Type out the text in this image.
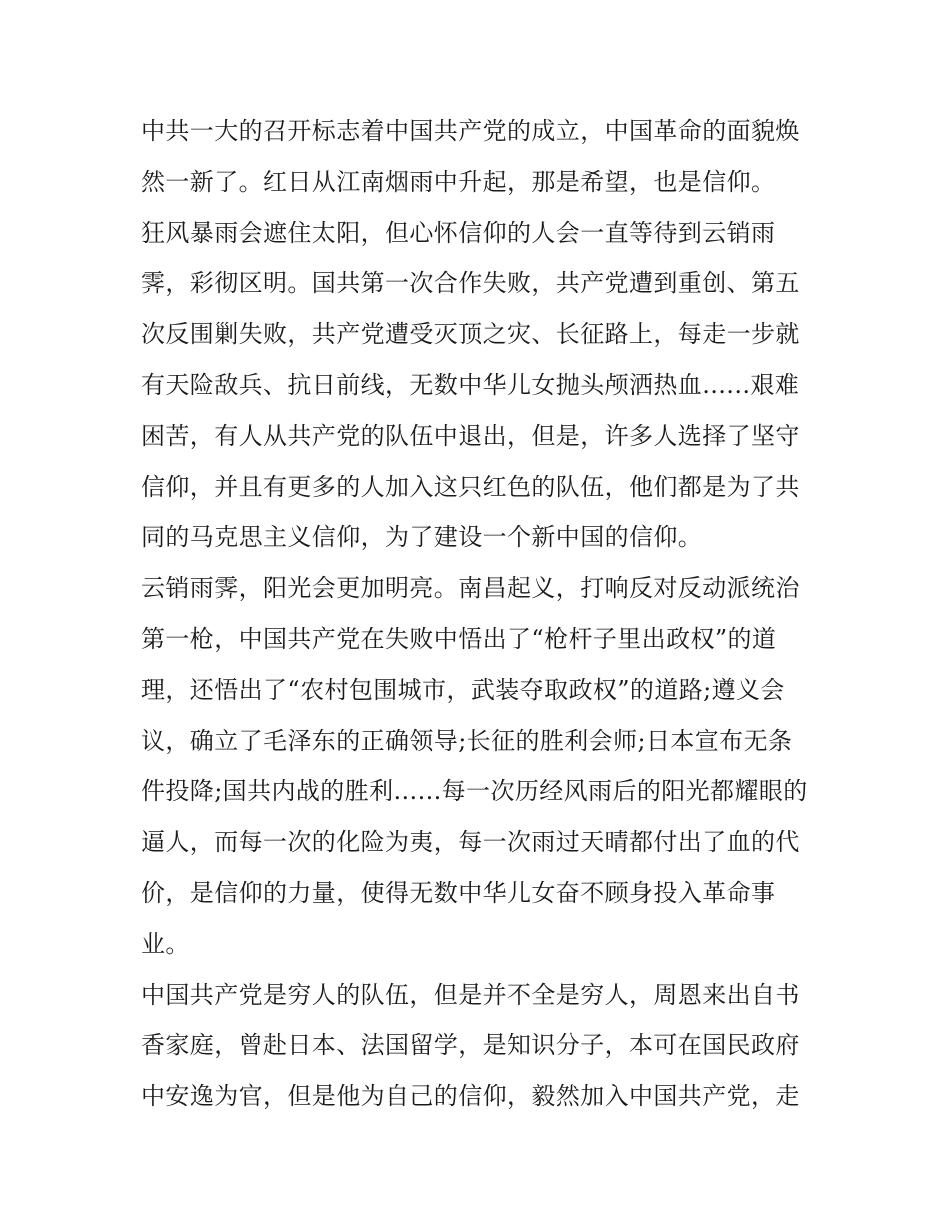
中共一大的召开标志着中国共产党的成立，中国革命的面貌焕
然一新了。红日从江南烟雨中升起，那是希望，也是信仰。
狂风暴雨会遮住太阳，但心怀信仰的人会一直等待到云销雨
霁，彩彻区明。国共第一次合作失败，共产党遭到重创、第五
次反围剿失败，共产党遭受灭顶之灾、长征路上，每走一步就
有天险敌兵、抗日前线，无数中华儿女抛头颅洒热血......艰难
困苦，有人从共产党的队伍中退出，但是，许多人选择了坚守
信仰，并且有更多的人加入这只红色的队伍，他们都是为了共
同的马克思主义信仰，为了建设一个新中国的信仰。
云销雨霁，阳光会更加明亮。南昌起义，打响反对反动派统治
第一枪，中国共产党在失败中悟出了“枪杆子里出政权”的道
理，还悟出了“农村包围城市，武装夺取政权”的道路;遵义会
议，确立了毛泽东的正确领导;长征的胜利会师;日本宣布无条
件投降;国共内战的胜利......每一次历经风雨后的阳光都耀眼的
逼人，而每一次的化险为夷，每一次雨过天晴都付出了血的代
价，是信仰的力量，使得无数中华儿女奋不顾身投入革命事
业。
中国共产党是穷人的队伍，但是并不全是穷人，周恩来出自书
香家庭，曾赴日本、法国留学，是知识分子，本可在国民政府
中安逸为官，但是他为自己的信仰，毅然加入中国共产党，走
